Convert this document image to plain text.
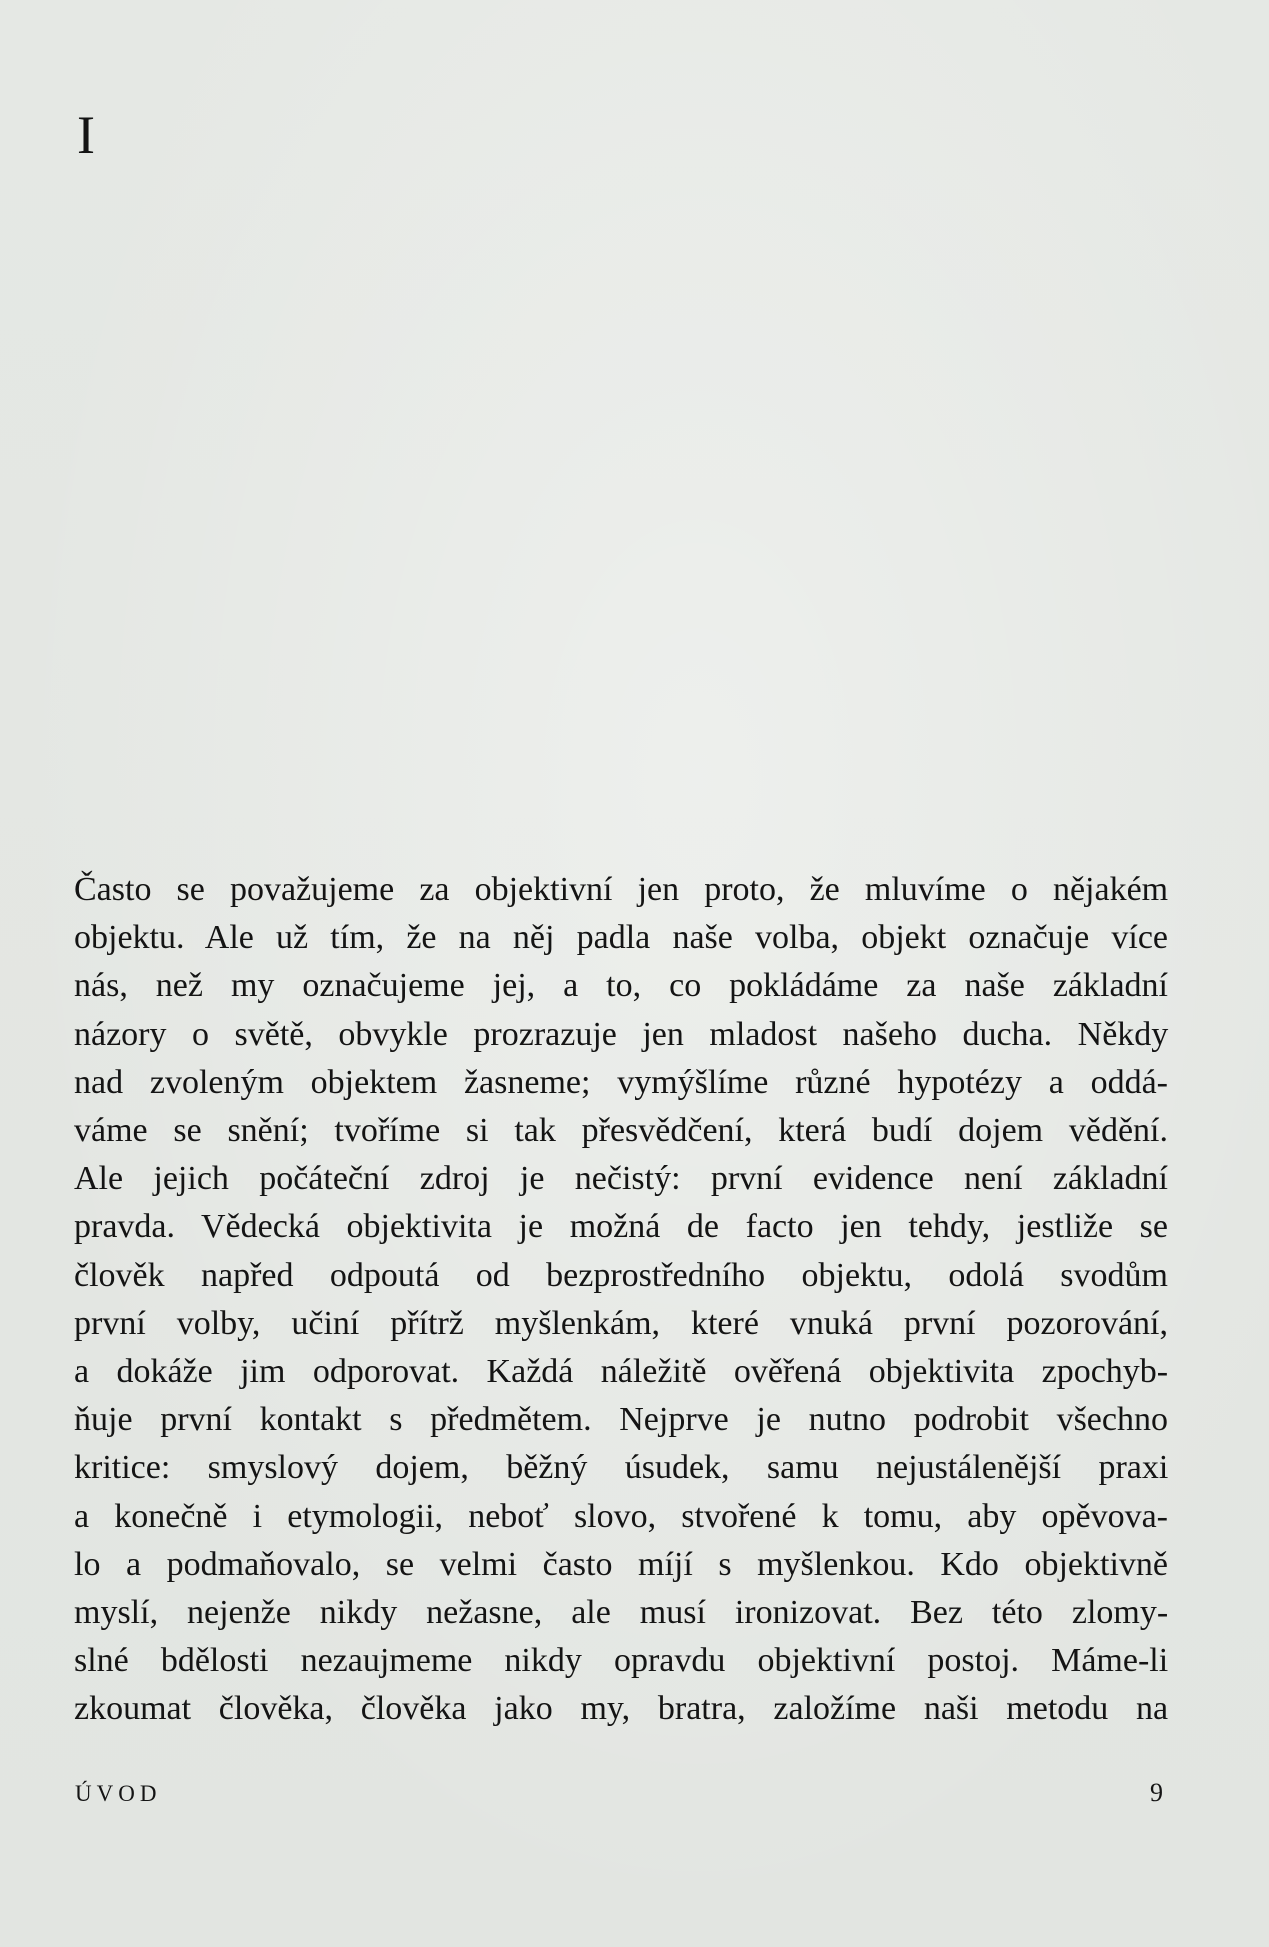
I
Často se považujeme za objektivní jen proto, že mluvíme o nějakém
objektu. Ale už tím, že na něj padla naše volba, objekt označuje více
nás, než my označujeme jej, a to, co pokládáme za naše základní
názory o světě, obvykle prozrazuje jen mladost našeho ducha. Někdy
nad zvoleným objektem žasneme; vymýšlíme různé hypotézy a oddá-
váme se snění; tvoříme si tak přesvědčení, která budí dojem vědění.
Ale jejich počáteční zdroj je nečistý: první evidence není základní
pravda. Vědecká objektivita je možná de facto jen tehdy, jestliže se
člověk napřed odpoutá od bezprostředního objektu, odolá svodům
první volby, učiní přítrž myšlenkám, které vnuká první pozorování,
a dokáže jim odporovat. Každá náležitě ověřená objektivita zpochyb-
ňuje první kontakt s předmětem. Nejprve je nutno podrobit všechno
kritice: smyslový dojem, běžný úsudek, samu nejustálenější praxi
a konečně i etymologii, neboť slovo, stvořené k tomu, aby opěvova-
lo a podmaňovalo, se velmi často míjí s myšlenkou. Kdo objektivně
myslí, nejenže nikdy nežasne, ale musí ironizovat. Bez této zlomy-
slné bdělosti nezaujmeme nikdy opravdu objektivní postoj. Máme-li
zkoumat člověka, člověka jako my, bratra, založíme naši metodu na
ÚVOD	9
